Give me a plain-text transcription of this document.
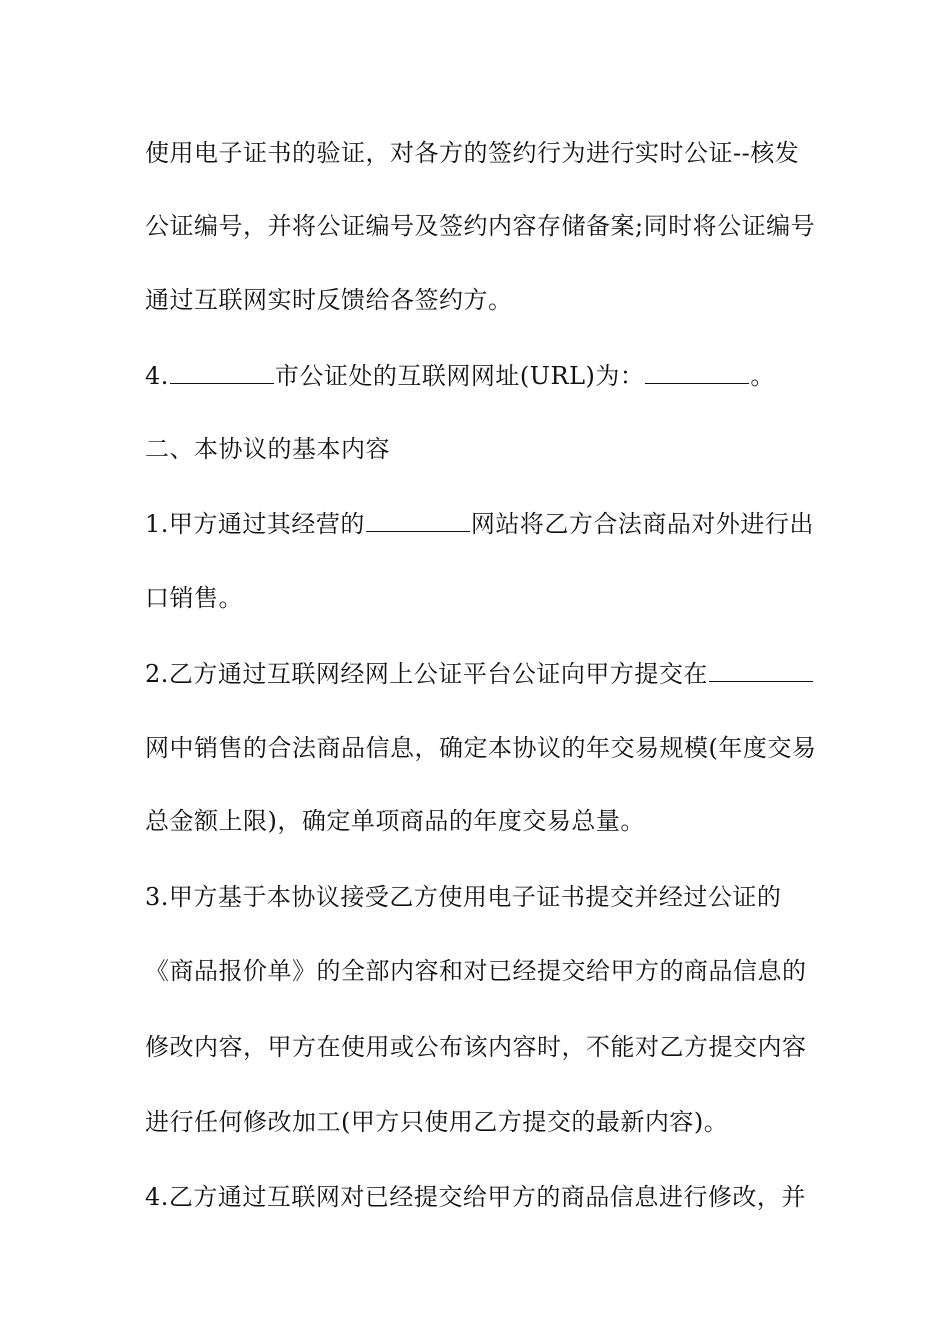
使用电子证书的验证，对各方的签约行为进行实时公证--核发
公证编号，并将公证编号及签约内容存储备案;同时将公证编号
通过互联网实时反馈给各签约方。
4.	市公证处的互联网网址(URL)为：	。
二、本协议的基本内容
1.甲方通过其经营的	网站将乙方合法商品对外进行出
口销售。
2.乙方通过互联网经网上公证平台公证向甲方提交在
网中销售的合法商品信息，确定本协议的年交易规模(年度交易
总金额上限)，确定单项商品的年度交易总量。
3.甲方基于本协议接受乙方使用电子证书提交并经过公证的
《商品报价单》的全部内容和对已经提交给甲方的商品信息的
修改内容，甲方在使用或公布该内容时，不能对乙方提交内容
进行任何修改加工(甲方只使用乙方提交的最新内容)。
4.乙方通过互联网对已经提交给甲方的商品信息进行修改，并
